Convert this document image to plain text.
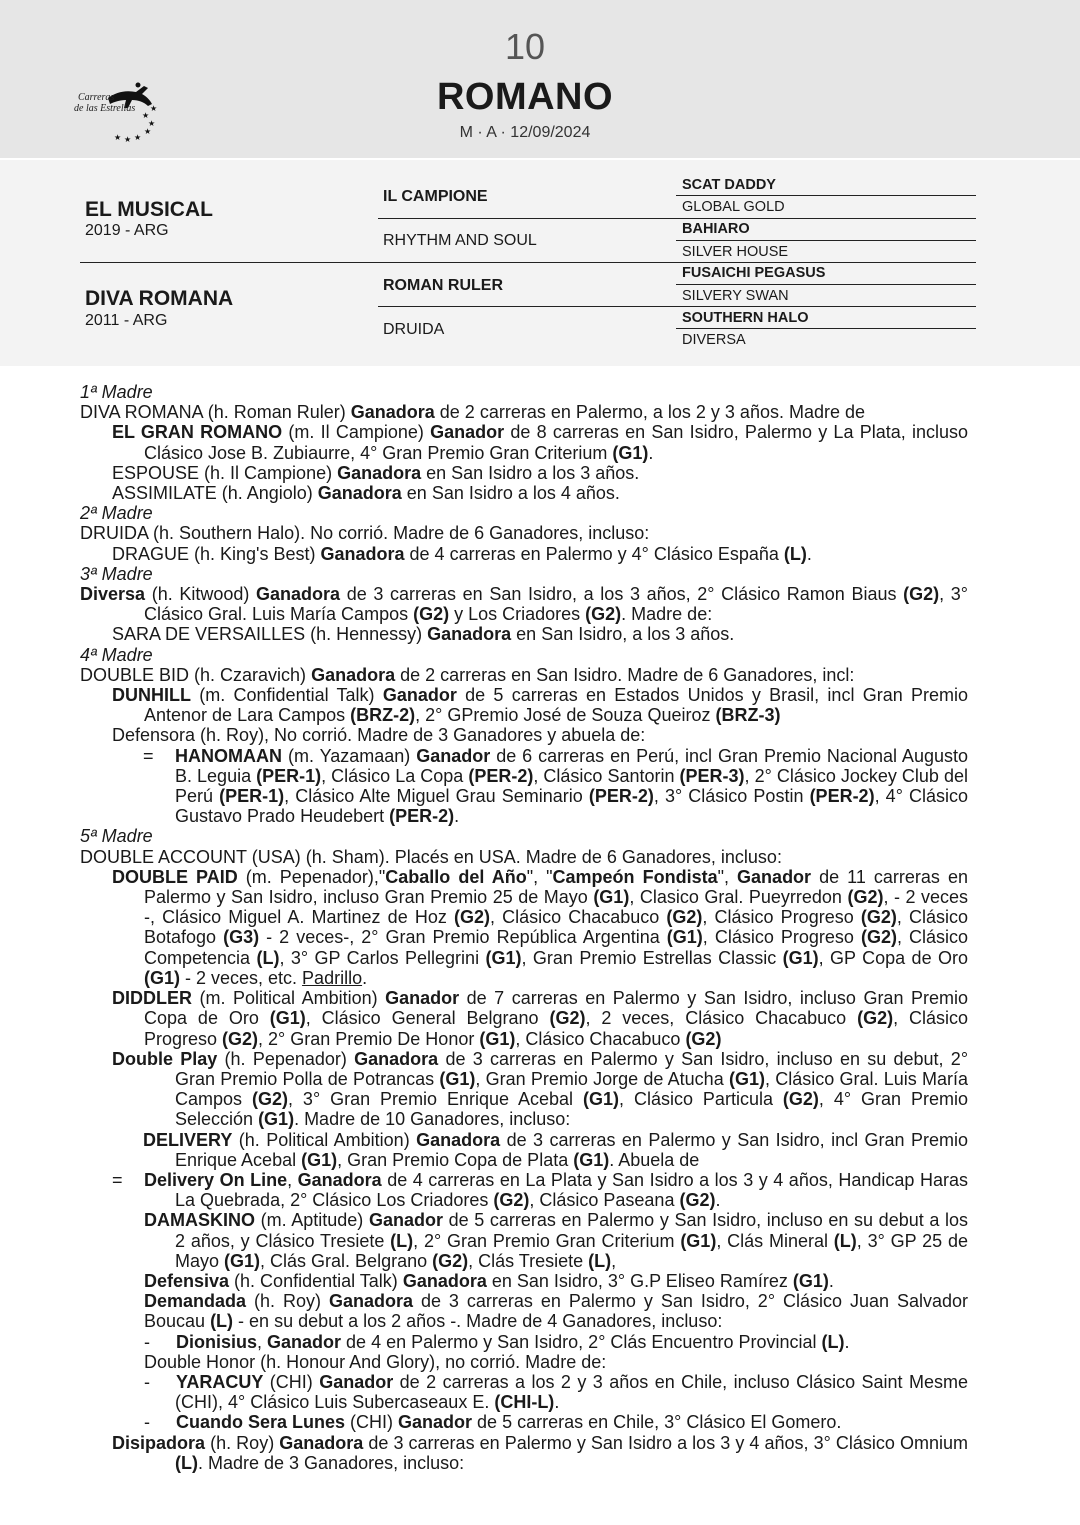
★
★
★
★
★
★
★
Carreras
de las Estrellas
10
ROMANO
M · A · 12/09/2024
EL MUSICAL
2019 - ARG
DIVA ROMANA
2011 - ARG
IL CAMPIONE
RHYTHM AND SOUL
ROMAN RULER
DRUIDA
SCAT DADDY
GLOBAL GOLD
BAHIARO
SILVER HOUSE
FUSAICHI PEGASUS
SILVERY SWAN
SOUTHERN HALO
DIVERSA

1ª Madre

DIVA ROMANA (h. Roman Ruler) Ganadora de 2 carreras en Palermo, a los 2 y 3 años. Madre de

EL GRAN ROMANO (m. Il Campione) Ganador de 8 carreras en San Isidro, Palermo y La Plata, incluso Clásico Jose B. Zubiaurre, 4° Gran Premio Gran Criterium (G1).

ESPOUSE (h. Il Campione) Ganadora en San Isidro a los 3 años.

ASSIMILATE (h. Angiolo) Ganadora en San Isidro a los 4 años.

2ª Madre

DRUIDA (h. Southern Halo). No corrió. Madre de 6 Ganadores, incluso:

DRAGUE (h. King's Best) Ganadora de 4 carreras en Palermo y 4° Clásico España (L).

3ª Madre

Diversa (h. Kitwood) Ganadora de 3 carreras en San Isidro, a los 3 años, 2° Clásico Ramon Biaus (G2), 3° Clásico Gral. Luis María Campos (G2) y Los Criadores (G2). Madre de:

SARA DE VERSAILLES (h. Hennessy) Ganadora en San Isidro, a los 3 años.

4ª Madre

DOUBLE BID (h. Czaravich) Ganadora de 2 carreras en San Isidro. Madre de 6 Ganadores, incl:

DUNHILL (m. Confidential Talk) Ganador de 5 carreras en Estados Unidos y Brasil, incl Gran Premio Antenor de Lara Campos (BRZ-2), 2° GPremio José de Souza Queiroz (BRZ-3)

Defensora (h. Roy), No corrió. Madre de 3 Ganadores y abuela de:

= HANOMAAN (m. Yazamaan) Ganador de 6 carreras en Perú, incl Gran Premio Nacional Augusto B. Leguia (PER-1), Clásico La Copa (PER-2), Clásico Santorin (PER-3), 2° Clásico Jockey Club del Perú (PER-1), Clásico Alte Miguel Grau Seminario (PER-2), 3° Clásico Postin (PER-2), 4° Clásico Gustavo Prado Heudebert (PER-2).

5ª Madre

DOUBLE ACCOUNT (USA) (h. Sham). Placés en USA. Madre de 6 Ganadores, incluso:

DOUBLE PAID (m. Pepenador),"Caballo del Año", "Campeón Fondista", Ganador de 11 carreras en Palermo y San Isidro, incluso Gran Premio 25 de Mayo (G1), Clasico Gral. Pueyrredon (G2), - 2 veces -, Clásico Miguel A. Martinez de Hoz (G2), Clásico Chacabuco (G2), Clásico Progreso (G2), Clásico Botafogo (G3) - 2 veces-, 2° Gran Premio República Argentina (G1), Clásico Progreso (G2), Clásico Competencia (L), 3° GP Carlos Pellegrini (G1), Gran Premio Estrellas Classic (G1), GP Copa de Oro (G1) - 2 veces, etc. Padrillo.

DIDDLER (m. Political Ambition) Ganador de 7 carreras en Palermo y San Isidro, incluso Gran Premio Copa de Oro (G1), Clásico General Belgrano (G2), 2 veces, Clásico Chacabuco (G2), Clásico Progreso (G2), 2° Gran Premio De Honor (G1), Clásico Chacabuco (G2)

Double Play (h. Pepenador) Ganadora de 3 carreras en Palermo y San Isidro, incluso en su debut, 2° Gran Premio Polla de Potrancas (G1), Gran Premio Jorge de Atucha (G1), Clásico Gral. Luis María Campos (G2), 3° Gran Premio Enrique Acebal (G1), Clásico Particula (G2), 4° Gran Premio Selección (G1). Madre de 10 Ganadores, incluso:

DELIVERY (h. Political Ambition) Ganadora de 3 carreras en Palermo y San Isidro, incl Gran Premio Enrique Acebal (G1), Gran Premio Copa de Plata (G1). Abuela de

= Delivery On Line, Ganadora de 4 carreras en La Plata y San Isidro a los 3 y 4 años, Handicap Haras La Quebrada, 2° Clásico Los Criadores (G2), Clásico Paseana (G2).

DAMASKINO (m. Aptitude) Ganador de 5 carreras en Palermo y San Isidro, incluso en su debut a los 2 años, y Clásico Tresiete (L), 2° Gran Premio Gran Criterium (G1), Clás Mineral (L), 3° GP 25 de Mayo (G1), Clás Gral. Belgrano (G2), Clás Tresiete (L),

Defensiva (h. Confidential Talk) Ganadora en San Isidro, 3° G.P Eliseo Ramírez (G1).

Demandada (h. Roy) Ganadora de 3 carreras en Palermo y San Isidro, 2° Clásico Juan Salvador Boucau (L) - en su debut a los 2 años -. Madre de 4 Ganadores, incluso:

- Dionisius, Ganador de 4 en Palermo y San Isidro, 2° Clás Encuentro Provincial (L).

Double Honor (h. Honour And Glory), no corrió. Madre de:

- YARACUY (CHI) Ganador de 2 carreras a los 2 y 3 años en Chile, incluso Clásico Saint Mesme (CHI), 4° Clásico Luis Subercaseaux E. (CHI-L).

- Cuando Sera Lunes (CHI) Ganador de 5 carreras en Chile, 3° Clásico El Gomero.

Disipadora (h. Roy) Ganadora de 3 carreras en Palermo y San Isidro a los 3 y 4 años, 3° Clásico Omnium (L). Madre de 3 Ganadores, incluso:
